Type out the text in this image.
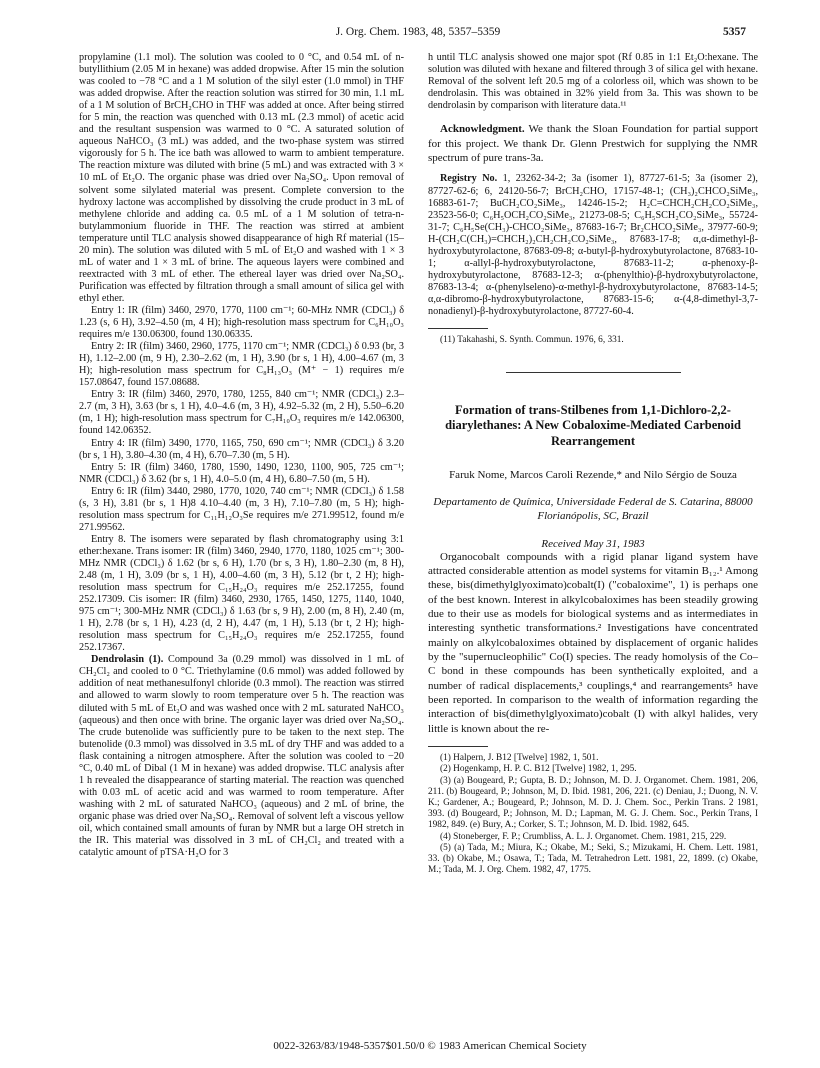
J. Org. Chem. 1983, 48, 5357–5359	5357

propylamine (1.1 mol). The solution was cooled to 0 °C, and 0.54 mL of n-butyllithium (2.05 M in hexane) was added dropwise. After 15 min the solution was cooled to −78 °C and a 1 M solution of the silyl ester (1.0 mmol) in THF was added dropwise. After the reaction solution was stirred for 30 min, 1.1 mL of a 1 M solution of BrCH₂CHO in THF was added at once. After being stirred for 5 min, the reaction was quenched with 0.13 mL (2.3 mmol) of acetic acid and the resultant suspension was warmed to 0 °C. A saturated solution of aqueous NaHCO₃ (3 mL) was added, and the two-phase system was stirred vigorously for 5 h. The ice bath was allowed to warm to ambient temperature. The reaction mixture was diluted with brine (5 mL) and was extracted with 3 × 10 mL of Et₂O. The organic phase was dried over Na₂SO₄. Upon removal of solvent some silylated material was present. Complete conversion to the hydroxy lactone was accomplished by dissolving the crude product in 3 mL of methylene chloride and adding ca. 0.5 mL of a 1 M solution of tetra-n-butylammonium fluoride in THF. The reaction was stirred at ambient temperature until TLC analysis showed disappearance of high Rf material (15–20 min). The solution was diluted with 5 mL of Et₂O and washed with 1 × 3 mL of water and 1 × 3 mL of brine. The aqueous layers were combined and reextracted with 3 mL of ether. The ethereal layer was dried over Na₂SO₄. Purification was effected by filtration through a small amount of silica gel with ethyl ether.

Entry 1: IR (film) 3460, 2970, 1770, 1100 cm⁻¹; 60-MHz NMR (CDCl₃) δ 1.23 (s, 6 H), 3.92–4.50 (m, 4 H); high-resolution mass spectrum for C₆H₁₀O₃ requires m/e 130.06300, found 130.06335.

Entry 2: IR (film) 3460, 2960, 1775, 1170 cm⁻¹; NMR (CDCl₃) δ 0.93 (br, 3 H), 1.12–2.00 (m, 9 H), 2.30–2.62 (m, 1 H), 3.90 (br s, 1 H), 4.00–4.67 (m, 3 H); high-resolution mass spectrum for C₈H₁₃O₃ (M⁺ − 1) requires m/e 157.08647, found 157.08688.

Entry 3: IR (film) 3460, 2970, 1780, 1255, 840 cm⁻¹; NMR (CDCl₃) 2.3–2.7 (m, 3 H), 3.63 (br s, 1 H), 4.0–4.6 (m, 3 H), 4.92–5.32 (m, 2 H), 5.50–6.20 (m, 1 H); high-resolution mass spectrum for C₇H₁₀O₃ requires m/e 142.06300, found 142.06352.

Entry 4: IR (film) 3490, 1770, 1165, 750, 690 cm⁻¹; NMR (CDCl₃) δ 3.20 (br s, 1 H), 3.80–4.30 (m, 4 H), 6.70–7.30 (m, 5 H).

Entry 5: IR (film) 3460, 1780, 1590, 1490, 1230, 1100, 905, 725 cm⁻¹; NMR (CDCl₃) δ 3.62 (br s, 1 H), 4.0–5.0 (m, 4 H), 6.80–7.50 (m, 5 H).

Entry 6: IR (film) 3440, 2980, 1770, 1020, 740 cm⁻¹; NMR (CDCl₃) δ 1.58 (s, 3 H), 3.81 (br s, 1 H)8 4.10–4.40 (m, 3 H), 7.10–7.80 (m, 5 H); high-resolution mass spectrum for C₁₁H₁₂O₃Se requires m/e 271.99512, found m/e 271.99562.

Entry 8. The isomers were separated by flash chromatography using 3:1 ether:hexane. Trans isomer: IR (film) 3460, 2940, 1770, 1180, 1025 cm⁻¹; 300-MHz NMR (CDCl₃) δ 1.62 (br s, 6 H), 1.70 (br s, 3 H), 1.80–2.30 (m, 8 H), 2.48 (m, 1 H), 3.09 (br s, 1 H), 4.00–4.60 (m, 3 H), 5.12 (br t, 2 H); high-resolution mass spectrum for C₁₅H₂₄O₃ requires m/e 252.17255, found 252.17309. Cis isomer: IR (film) 3460, 2930, 1765, 1450, 1275, 1140, 1040, 975 cm⁻¹; 300-MHz NMR (CDCl₃) δ 1.63 (br s, 9 H), 2.00 (m, 8 H), 2.40 (m, 1 H), 2.78 (br s, 1 H), 4.23 (d, 2 H), 4.47 (m, 1 H), 5.13 (br t, 2 H); high-resolution mass spectrum for C₁₅H₂₄O₃ requires m/e 252.17255, found 252.17367.

Dendrolasin (1). Compound 3a (0.29 mmol) was dissolved in 1 mL of CH₂Cl₂ and cooled to 0 °C. Triethylamine (0.6 mmol) was added followed by addition of neat methanesulfonyl chloride (0.3 mmol). The reaction was stirred and allowed to warm slowly to room temperature over 5 h. The reaction was diluted with 5 mL of Et₂O and was washed once with 2 mL saturated NaHCO₃ (aqueous) and then once with brine. The organic layer was dried over Na₂SO₄. The crude butenolide was sufficiently pure to be taken to the next step. The butenolide (0.3 mmol) was dissolved in 3.5 mL of dry THF and was added to a flask containing a nitrogen atmosphere. After the solution was cooled to −20 °C, 0.40 mL of Dibal (1 M in hexane) was added dropwise. TLC analysis after 1 h revealed the disappearance of starting material. The reaction was quenched with 0.03 mL of acetic acid and was warmed to room temperature. After washing with 2 mL of saturated NaHCO₃ (aqueous) and 2 mL of brine, the organic phase was dried over Na₂SO₄. Removal of solvent left a viscous yellow oil, which contained small amounts of furan by NMR but a large OH stretch in the IR. This material was dissolved in 3 mL of CH₂Cl₂ and treated with a catalytic amount of pTSA·H₂O for 3

h until TLC analysis showed one major spot (Rf 0.85 in 1:1 Et₂O:hexane. The solution was diluted with hexane and filtered through 3 of silica gel with hexane. Removal of the solvent left 20.5 mg of a colorless oil, which was shown to be dendrolasin. This was obtained in 32% yield from 3a. This was shown to be dendrolasin by comparison with literature data.¹¹

Acknowledgment. We thank the Sloan Foundation for partial support for this project. We thank Dr. Glenn Prestwich for supplying the NMR spectrum of pure trans-3a.

Registry No. 1, 23262-34-2; 3a (isomer 1), 87727-61-5; 3a (isomer 2), 87727-62-6; 6, 24120-56-7; BrCH₂CHO, 17157-48-1; (CH₃)₂CHCO₂SiMe₃, 16883-61-7; BuCH₂CO₂SiMe₃, 14246-15-2; H₂C=CHCH₂CH₂CO₂SiMe₃, 23523-56-0; C₆H₅OCH₂CO₂SiMe₃, 21273-08-5; C₆H₅SCH₂CO₂SiMe₃, 55724-31-7; C₆H₅Se(CH₃)-CHCO₂SiMe₃, 87683-16-7; Br₂CHCO₂SiMe₃, 37977-60-9; H-(CH₂C(CH₃)=CHCH₂)₂CH₂CH₂CO₂SiMe₃, 87683-17-8; α,α-dimethyl-β-hydroxybutyrolactone, 87683-09-8; α-butyl-β-hydroxybutyrolactone, 87683-10-1; α-allyl-β-hydroxybutyrolactone, 87683-11-2; α-phenoxy-β-hydroxybutyrolactone, 87683-12-3; α-(phenylthio)-β-hydroxybutyrolactone, 87683-13-4; α-(phenylseleno)-α-methyl-β-hydroxybutyrolactone, 87683-14-5; α,α-dibromo-β-hydroxybutyrolactone, 87683-15-6; α-(4,8-dimethyl-3,7-nonadienyl)-β-hydroxybutyrolactone, 87727-60-4.

(11) Takahashi, S. Synth. Commun. 1976, 6, 331.

Formation of trans-Stilbenes from 1,1-Dichloro-2,2-diarylethanes: A New Cobaloxime-Mediated Carbenoid Rearrangement
Faruk Nome, Marcos Caroli Rezende,* and Nilo Sérgio de Souza
Departamento de Química, Universidade Federal de S. Catarina, 88000 Florianópolis, SC, Brazil
Received May 31, 1983

Organocobalt compounds with a rigid planar ligand system have attracted considerable attention as model systems for vitamin B₁₂.¹ Among these, bis(dimethylglyoximato)cobalt(I) ("cobaloxime", 1) is perhaps one of the best known. Interest in alkylcobaloximes has been steadily growing due to their use as models for biological systems and as intermediates in interesting synthetic transformations.² Investigations have concentrated mainly on alkylcobaloximes obtained by displacement of organic halides by the "supernucleophilic" Co(I) species. The ready homolysis of the Co–C bond in these compounds has been synthetically exploited, and a number of radical displacements,³ couplings,⁴ and rearrangements⁵ have been reported. In comparison to the wealth of information regarding the interaction of bis(dimethylglyoximato)cobalt (I) with alkyl halides, very little is known about the re-

(1) Halpern, J. B12 [Twelve] 1982, 1, 501.

(2) Hogenkamp, H. P. C. B12 [Twelve] 1982, 1, 295.

(3) (a) Bougeard, P.; Gupta, B. D.; Johnson, M. D. J. Organomet. Chem. 1981, 206, 211. (b) Bougeard, P.; Johnson, M, D. Ibid. 1981, 206, 221. (c) Deniau, J.; Duong, N. V. K.; Gardener, A.; Bougeard, P.; Johnson, M. D. J. Chem. Soc., Perkin Trans. 2 1981, 393. (d) Bougeard, P.; Johnson, M. D.; Lapman, M. G. J. Chem. Soc., Perkin Trans, I 1982, 849. (e) Bury, A.; Corker, S. T.; Johnson, M. D. Ibid. 1982, 645.

(4) Stoneberger, F. P.; Crumbliss, A. L. J. Organomet. Chem. 1981, 215, 229.

(5) (a) Tada, M.; Miura, K.; Okabe, M.; Seki, S.; Mizukami, H. Chem. Lett. 1981, 33. (b) Okabe, M.; Osawa, T.; Tada, M. Tetrahedron Lett. 1981, 22, 1899. (c) Okabe, M.; Tada, M. J. Org. Chem. 1982, 47, 1775.

0022-3263/83/1948-5357$01.50/0 © 1983 American Chemical Society
